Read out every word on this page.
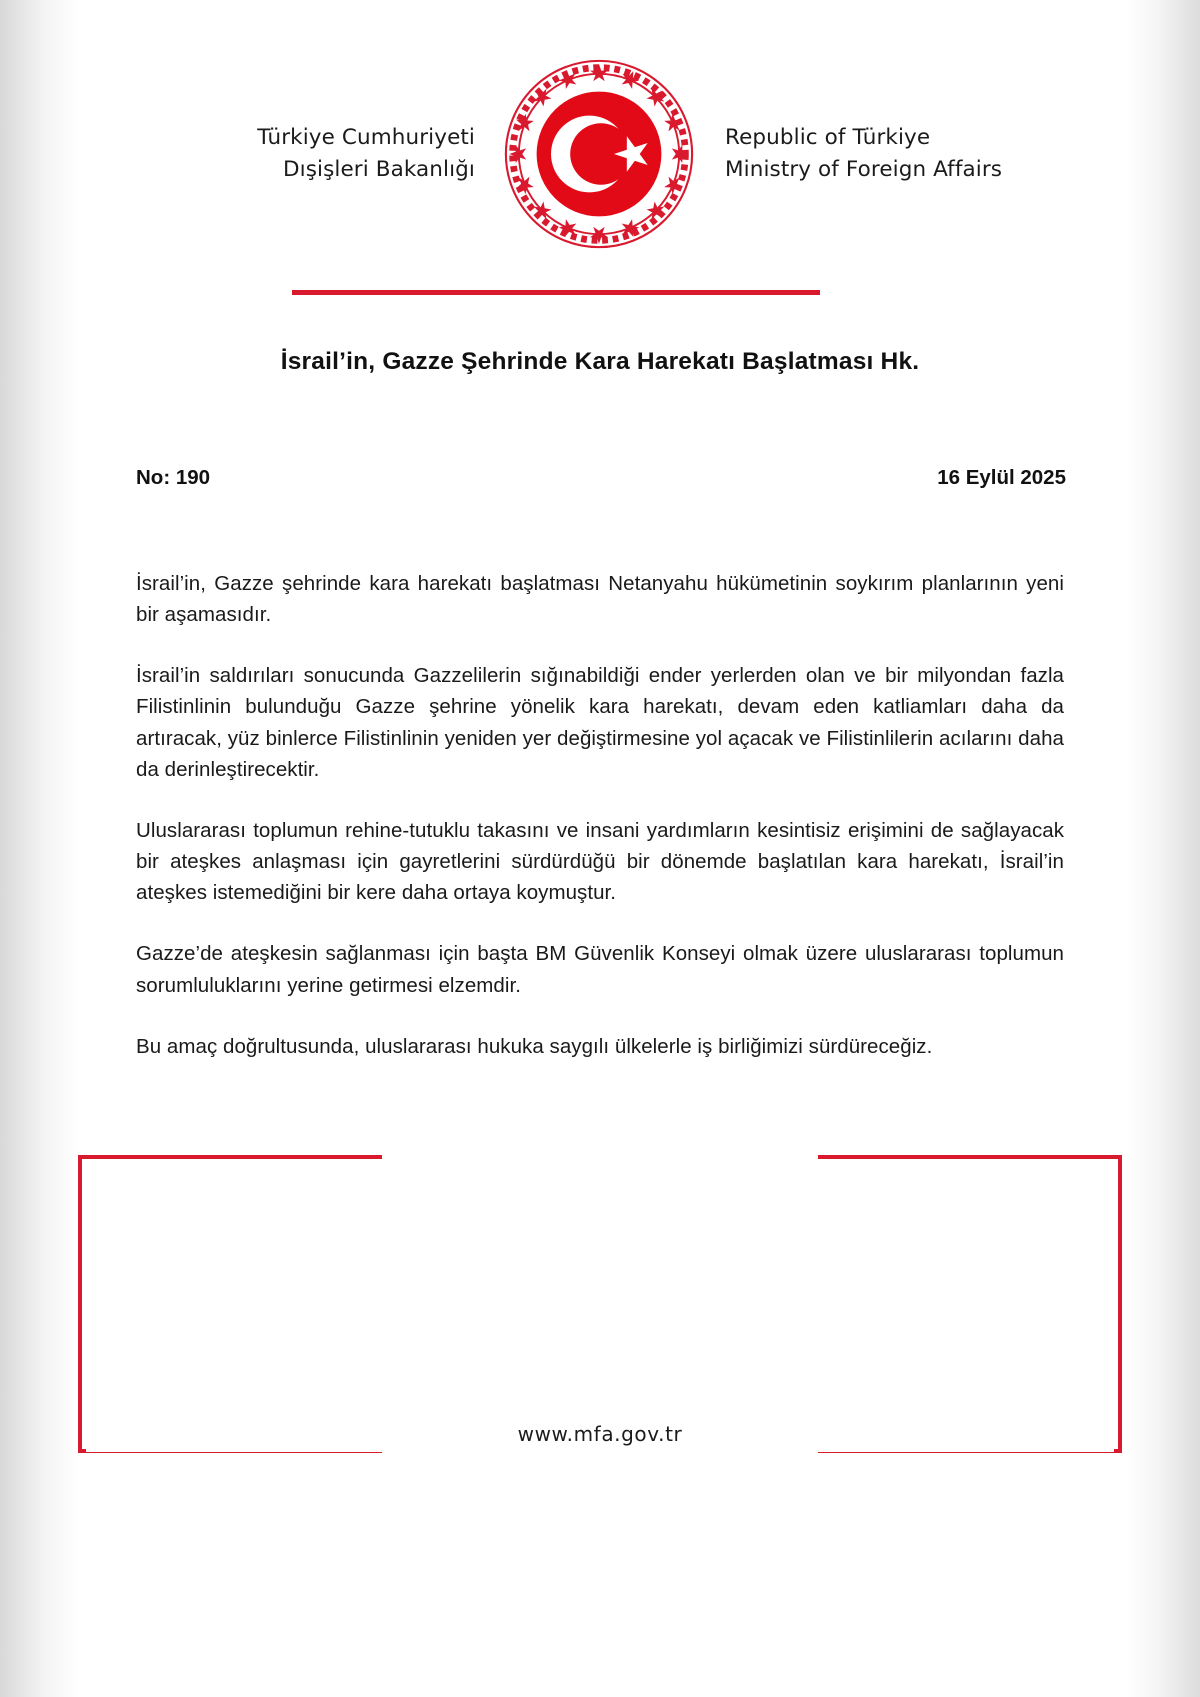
Türkiye Cumhuriyeti
Dışişleri Bakanlığı
Republic of Türkiye
Ministry of Foreign Affairs
İsrail’in, Gazze Şehrinde Kara Harekatı Başlatması Hk.
No: 190	16 Eylül 2025

İsrail’in, Gazze şehrinde kara harekatı başlatması Netanyahu hükümetinin soykırım planlarının yeni bir aşamasıdır.

İsrail’in saldırıları sonucunda Gazzelilerin sığınabildiği ender yerlerden olan ve bir milyondan fazla Filistinlinin bulunduğu Gazze şehrine yönelik kara harekatı, devam eden katliamları daha da artıracak, yüz binlerce Filistinlinin yeniden yer değiştirmesine yol açacak ve Filistinlilerin acılarını daha da derinleştirecektir.

Uluslararası toplumun rehine-tutuklu takasını ve insani yardımların kesintisiz erişimini de sağlayacak bir ateşkes anlaşması için gayretlerini sürdürdüğü bir dönemde başlatılan kara harekatı, İsrail’in ateşkes istemediğini bir kere daha ortaya koymuştur.

Gazze’de ateşkesin sağlanması için başta BM Güvenlik Konseyi olmak üzere uluslararası toplumun sorumluluklarını yerine getirmesi elzemdir.

Bu amaç doğrultusunda, uluslararası hukuka saygılı ülkelerle iş birliğimizi sürdüreceğiz.

www.mfa.gov.tr
